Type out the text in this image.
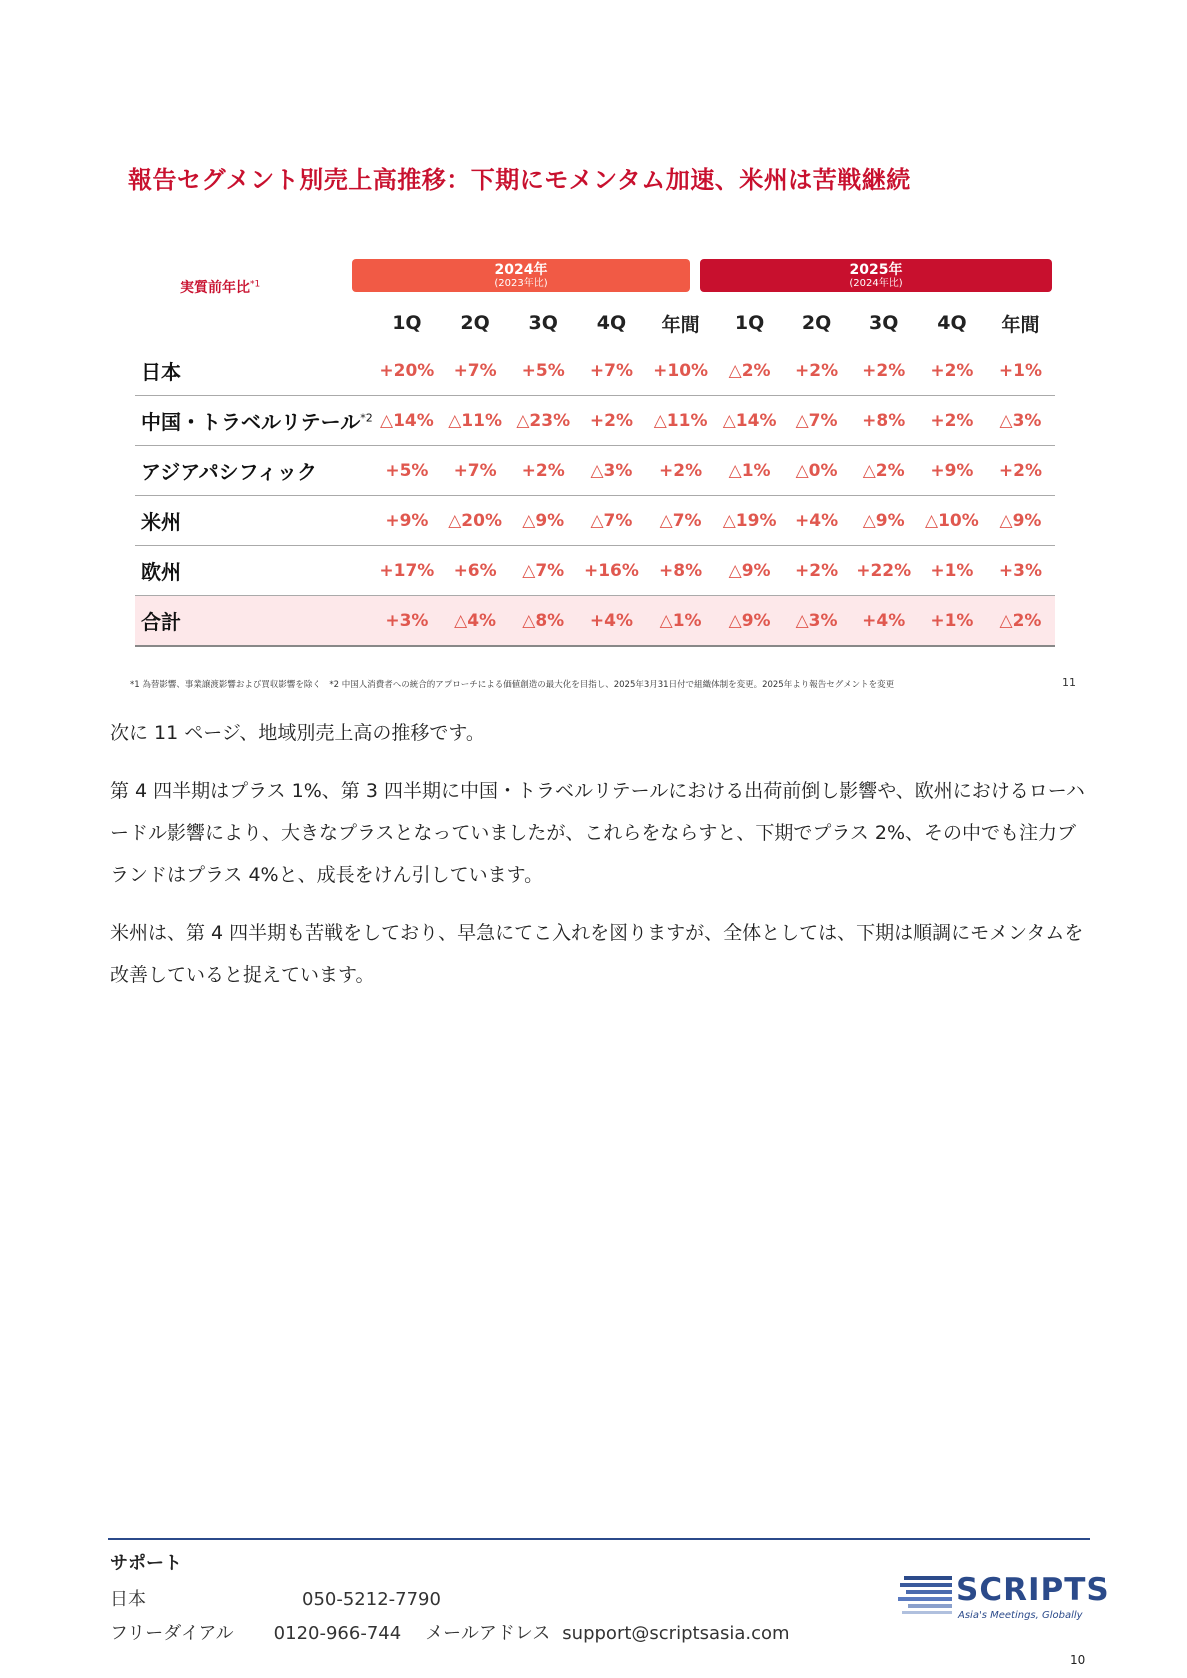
報告セグメント別売上高推移：下期にモメンタム加速、米州は苦戦継続
実質前年比$^{*1}$
2024年
(2023年比)
2025年
(2024年比)
	1Q	2Q	3Q	4Q	年間	1Q	2Q	3Q	4Q	年間
日本	+20%	+7%	+5%	+7%	+10%	△2%	+2%	+2%	+2%	+1%
中国・トラベルリテール$^{*2}$	△14%	△11%	△23%	+2%	△11%	△14%	△7%	+8%	+2%	△3%
アジアパシフィック	+5%	+7%	+2%	△3%	+2%	△1%	△0%	△2%	+9%	+2%
米州	+9%	△20%	△9%	△7%	△7%	△19%	+4%	△9%	△10%	△9%
欧州	+17%	+6%	△7%	+16%	+8%	△9%	+2%	+22%	+1%	+3%
合計	+3%	△4%	△8%	+4%	△1%	△9%	△3%	+4%	+1%	△2%
*1 為替影響、事業譲渡影響および買収影響を除く　*2 中国人消費者への統合的アプローチによる価値創造の最大化を目指し、2025年3月31日付で組織体制を変更。2025年より報告セグメントを変更	11
次に 11 ページ、地域別売上高の推移です。
第 4 四半期はプラス 1%、第 3 四半期に中国・トラベルリテールにおける出荷前倒し影響や、欧州におけるローハードル影響により、大きなプラスとなっていましたが、これらをならすと、下期でプラス 2%、その中でも注力ブランドはプラス 4%と、成長をけん引しています。
米州は、第 4 四半期も苦戦をしており、早急にてこ入れを図りますが、全体としては、下期は順調にモメンタムを改善していると捉えています。
サポート
日本	050-5212-7790
フリーダイアル 0120-966-744 メールアドレス support@scriptsasia.com
SCRIPTS
Asia's Meetings, Globally
10
